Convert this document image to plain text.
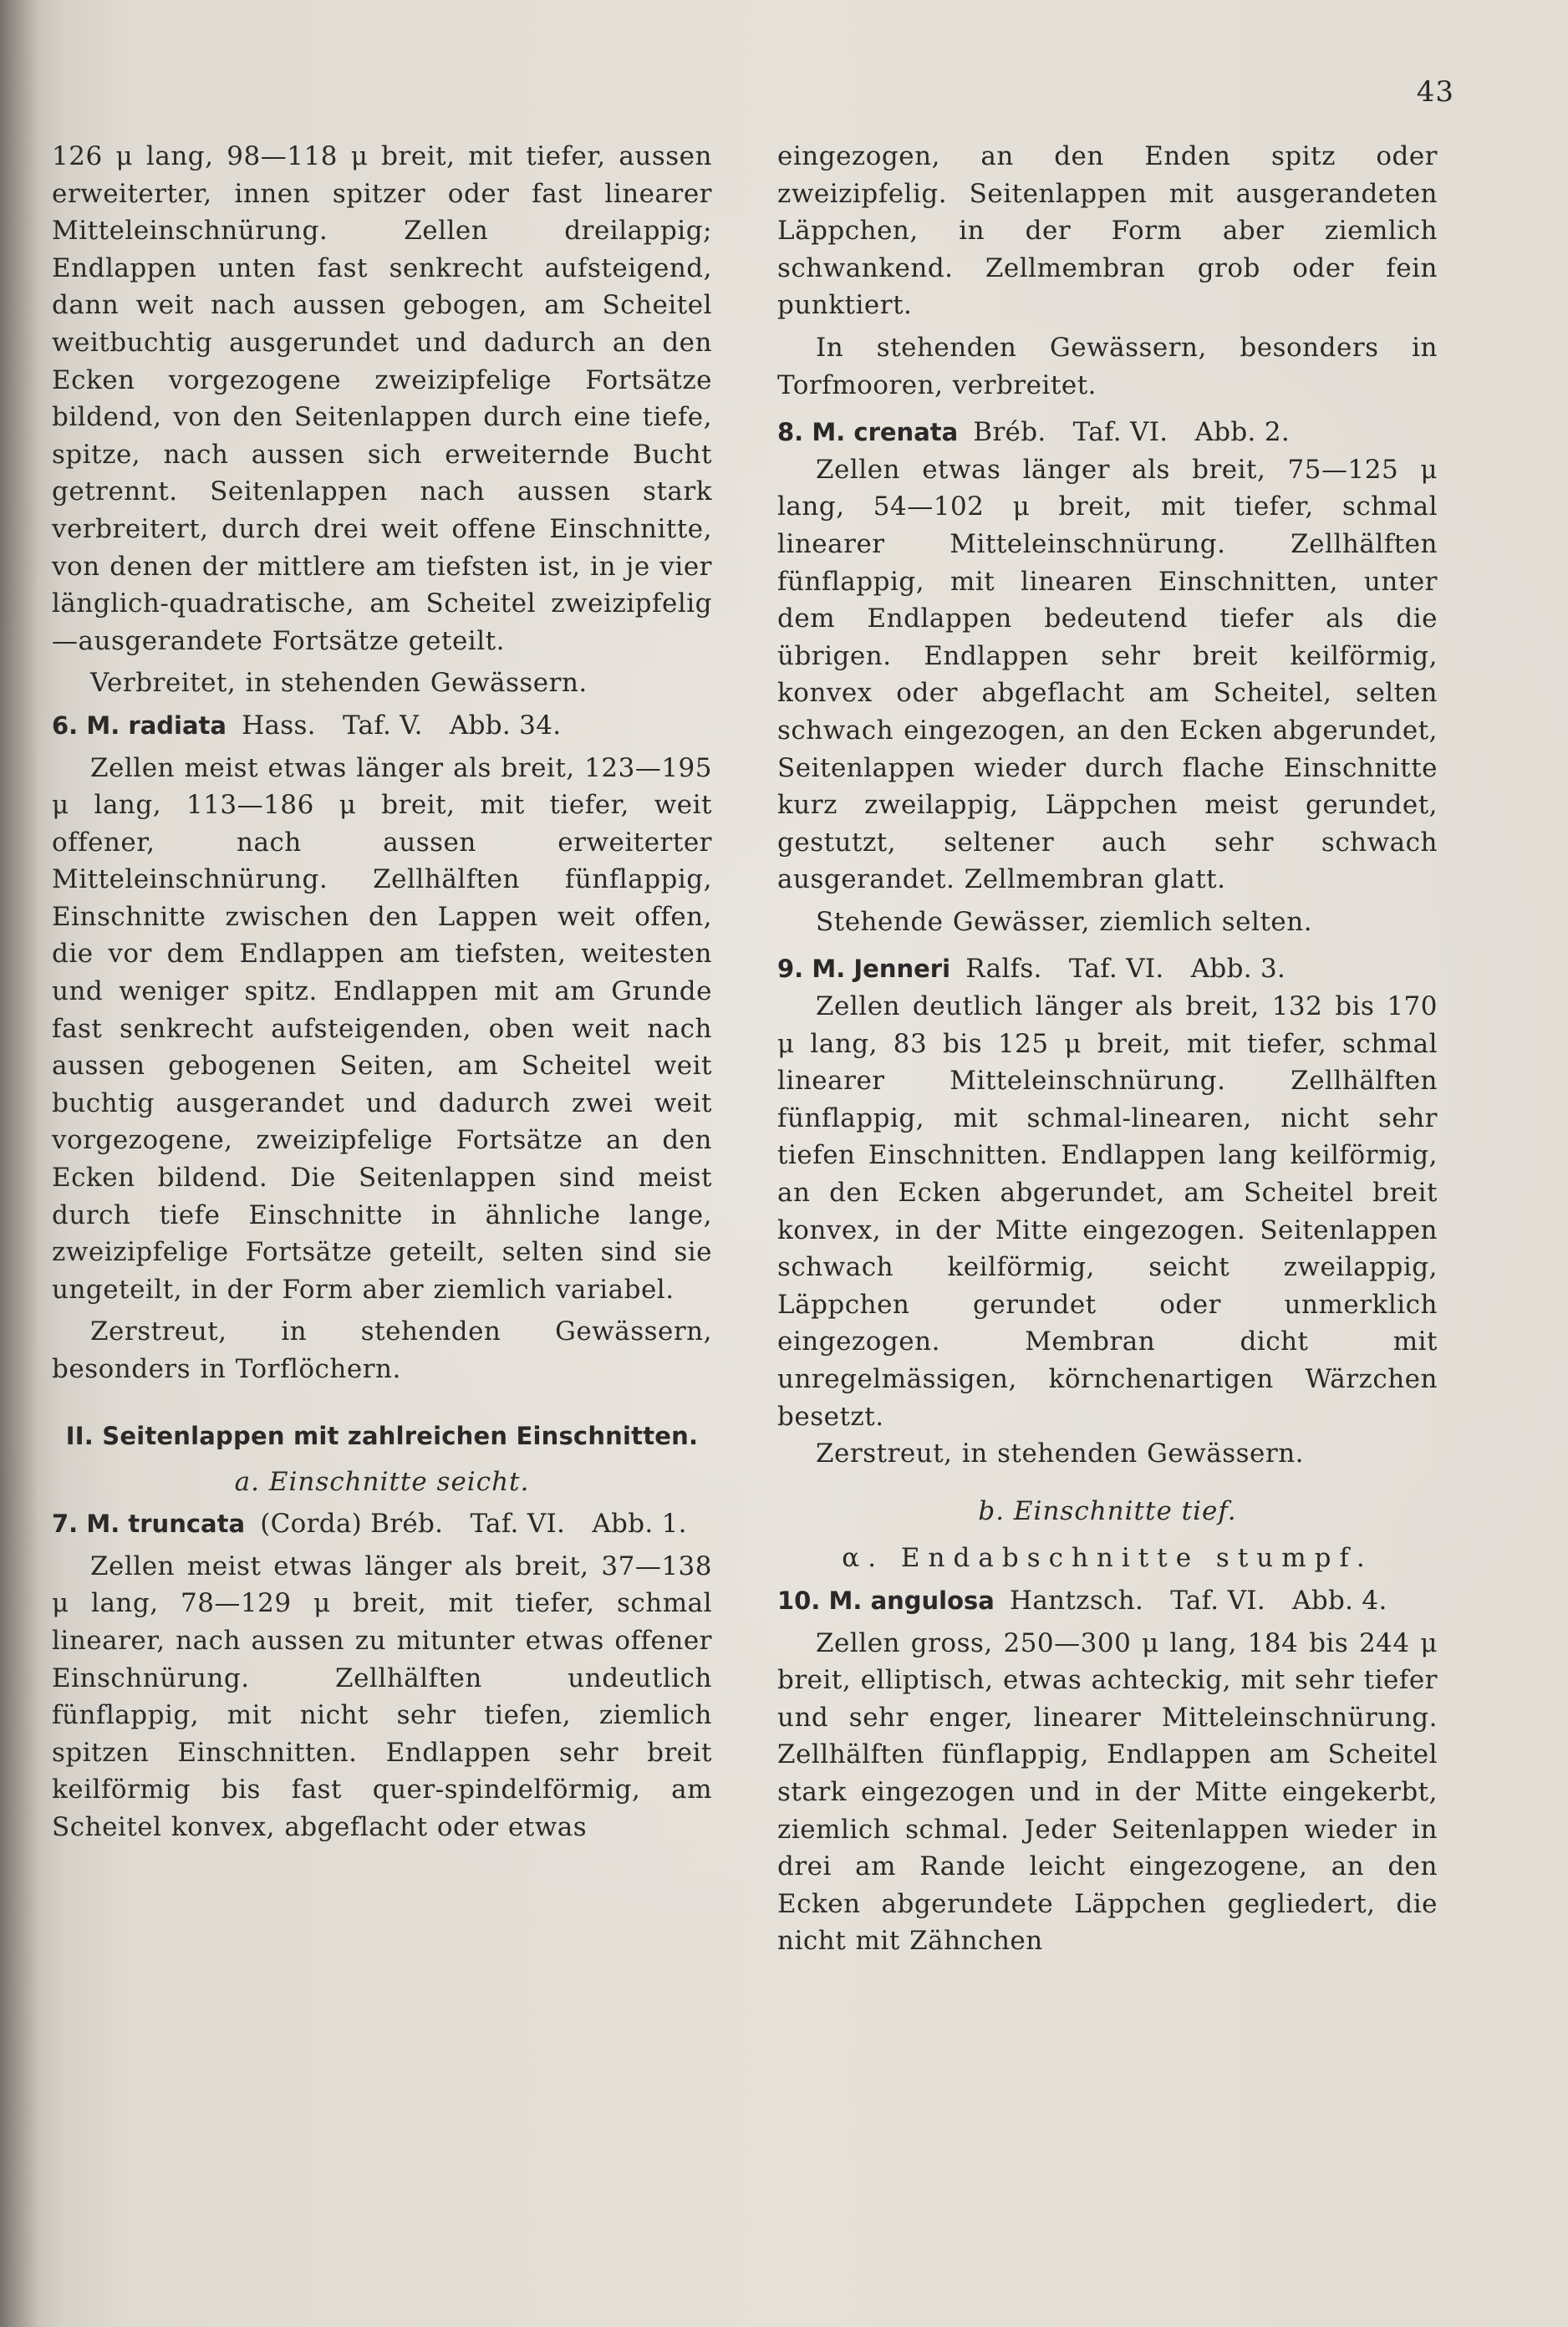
43

126 μ lang, 98—118 μ breit, mit tiefer, aussen erweiterter, innen spitzer oder fast linearer Mitteleinschnürung. Zellen dreilappig; Endlappen unten fast senkrecht aufsteigend, dann weit nach aussen gebogen, am Scheitel weitbuchtig ausgerundet und dadurch an den Ecken vorgezogene zweizipfelige Fortsätze bildend, von den Seitenlappen durch eine tiefe, spitze, nach aussen sich erweiternde Bucht getrennt. Seitenlappen nach aussen stark verbreitert, durch drei weit offene Einschnitte, von denen der mittlere am tiefsten ist, in je vier länglich-quadratische, am Scheitel zweizipfelig—ausgerandete Fortsätze geteilt.

Verbreitet, in stehenden Gewässern.

6. M. radiata Hass. Taf. V. Abb. 34.

Zellen meist etwas länger als breit, 123—195 μ lang, 113—186 μ breit, mit tiefer, weit offener, nach aussen erweiterter Mitteleinschnürung. Zellhälften fünflappig, Einschnitte zwischen den Lappen weit offen, die vor dem Endlappen am tiefsten, weitesten und weniger spitz. Endlappen mit am Grunde fast senkrecht aufsteigenden, oben weit nach aussen gebogenen Seiten, am Scheitel weit buchtig ausgerandet und dadurch zwei weit vorgezogene, zweizipfelige Fortsätze an den Ecken bildend. Die Seitenlappen sind meist durch tiefe Einschnitte in ähnliche lange, zweizipfelige Fortsätze geteilt, selten sind sie ungeteilt, in der Form aber ziemlich variabel.

Zerstreut, in stehenden Gewässern, besonders in Torflöchern.

II. Seitenlappen mit zahlreichen Einschnitten.

a. Einschnitte seicht.

7. M. truncata (Corda) Bréb. Taf. VI. Abb. 1.

Zellen meist etwas länger als breit, 37—138 μ lang, 78—129 μ breit, mit tiefer, schmal linearer, nach aussen zu mitunter etwas offener Einschnürung. Zellhälften undeutlich fünflappig, mit nicht sehr tiefen, ziemlich spitzen Einschnitten. Endlappen sehr breit keilförmig bis fast quer-spindelförmig, am Scheitel konvex, abgeflacht oder etwas

eingezogen, an den Enden spitz oder zweizipfelig. Seitenlappen mit ausgerandeten Läppchen, in der Form aber ziemlich schwankend. Zellmembran grob oder fein punktiert.

In stehenden Gewässern, besonders in Torfmooren, verbreitet.

8. M. crenata Bréb. Taf. VI. Abb. 2.

Zellen etwas länger als breit, 75—125 μ lang, 54—102 μ breit, mit tiefer, schmal linearer Mitteleinschnürung. Zellhälften fünflappig, mit linearen Einschnitten, unter dem Endlappen bedeutend tiefer als die übrigen. Endlappen sehr breit keilförmig, konvex oder abgeflacht am Scheitel, selten schwach eingezogen, an den Ecken abgerundet, Seitenlappen wieder durch flache Einschnitte kurz zweilappig, Läppchen meist gerundet, gestutzt, seltener auch sehr schwach ausgerandet. Zellmembran glatt.

Stehende Gewässer, ziemlich selten.

9. M. Jenneri Ralfs. Taf. VI. Abb. 3.

Zellen deutlich länger als breit, 132 bis 170 μ lang, 83 bis 125 μ breit, mit tiefer, schmal linearer Mitteleinschnürung. Zellhälften fünflappig, mit schmal-linearen, nicht sehr tiefen Einschnitten. Endlappen lang keilförmig, an den Ecken abgerundet, am Scheitel breit konvex, in der Mitte eingezogen. Seitenlappen schwach keilförmig, seicht zweilappig, Läppchen gerundet oder unmerklich eingezogen. Membran dicht mit unregelmässigen, körnchenartigen Wärzchen besetzt.

Zerstreut, in stehenden Gewässern.

b. Einschnitte tief.

α. Endabschnitte stumpf.

10. M. angulosa Hantzsch. Taf. VI. Abb. 4.

Zellen gross, 250—300 μ lang, 184 bis 244 μ breit, elliptisch, etwas achteckig, mit sehr tiefer und sehr enger, linearer Mitteleinschnürung. Zellhälften fünflappig, Endlappen am Scheitel stark eingezogen und in der Mitte eingekerbt, ziemlich schmal. Jeder Seitenlappen wieder in drei am Rande leicht eingezogene, an den Ecken abgerundete Läppchen gegliedert, die nicht mit Zähnchen
